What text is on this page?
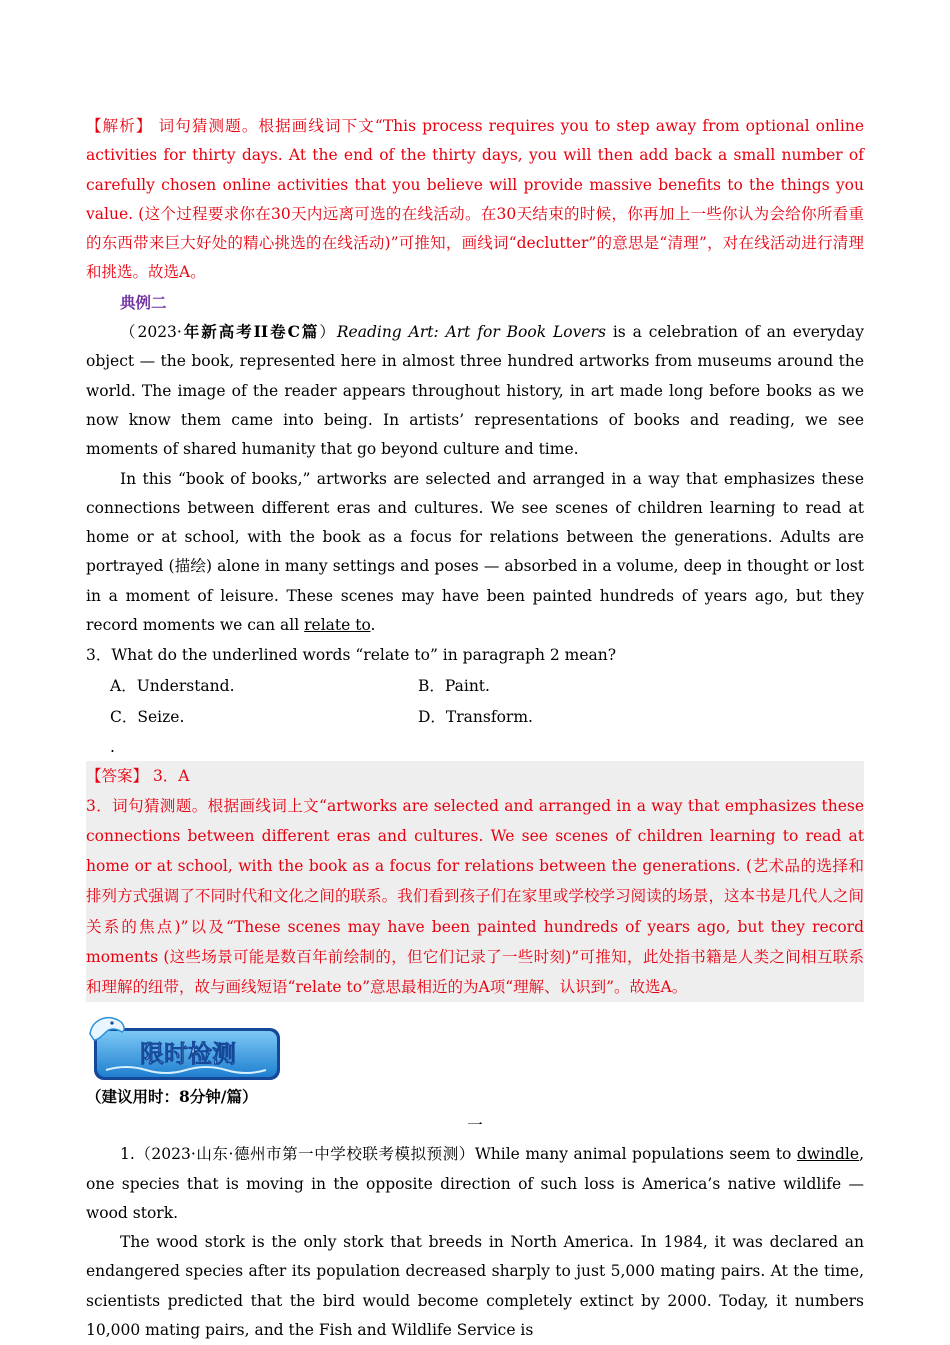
【解析】 词句猜测题。根据画线词下文“This process requires you to step away from optional online activities for thirty days. At the end of the thirty days, you will then add back a small number of carefully chosen online activities that you believe will provide massive benefits to the things you value. (这个过程要求你在30天内远离可选的在线活动。在30天结束的时候，你再加上一些你认为会给你所看重的东西带来巨大好处的精心挑选的在线活动)”可推知，画线词“declutter”的意思是“清理”，对在线活动进行清理和挑选。故选A。

典例二

（2023·年新高考II卷C篇）Reading Art: Art for Book Lovers is a celebration of an everyday object — the book, represented here in almost three hundred artworks from museums around the world. The image of the reader appears throughout history, in art made long before books as we now know them came into being. In artists’ representations of books and reading, we see moments of shared humanity that go beyond culture and time.

In this “book of books,” artworks are selected and arranged in a way that emphasizes these connections between different eras and cultures. We see scenes of children learning to read at home or at school, with the book as a focus for relations between the generations. Adults are portrayed (描绘) alone in many settings and poses — absorbed in a volume, deep in thought or lost in a moment of leisure. These scenes may have been painted hundreds of years ago, but they record moments we can all relate to.

3．What do the underlined words “relate to” in paragraph 2 mean?

A．Understand.	B．Paint.
C．Seize.	D．Transform.
.

【答案】 3．A

3．词句猜测题。根据画线词上文“artworks are selected and arranged in a way that emphasizes these connections between different eras and cultures. We see scenes of children learning to read at home or at school, with the book as a focus for relations between the generations. (艺术品的选择和排列方式强调了不同时代和文化之间的联系。我们看到孩子们在家里或学校学习阅读的场景，这本书是几代人之间关系的焦点)”以及“These scenes may have been painted hundreds of years ago, but they record moments (这些场景可能是数百年前绘制的，但它们记录了一些时刻)”可推知，此处指书籍是人类之间相互联系和理解的纽带，故与画线短语“relate to”意思最相近的为A项“理解、认识到”。故选A。

限时检测

（建议用时：8分钟/篇）

一

1.（2023·山东·德州市第一中学校联考模拟预测）While many animal populations seem to dwindle, one species that is moving in the opposite direction of such loss is America’s native wildlife — wood stork.

The wood stork is the only stork that breeds in North America. In 1984, it was declared an endangered species after its population decreased sharply to just 5,000 mating pairs. At the time, scientists predicted that the bird would become completely extinct by 2000. Today, it numbers 10,000 mating pairs, and the Fish and Wildlife Service is
